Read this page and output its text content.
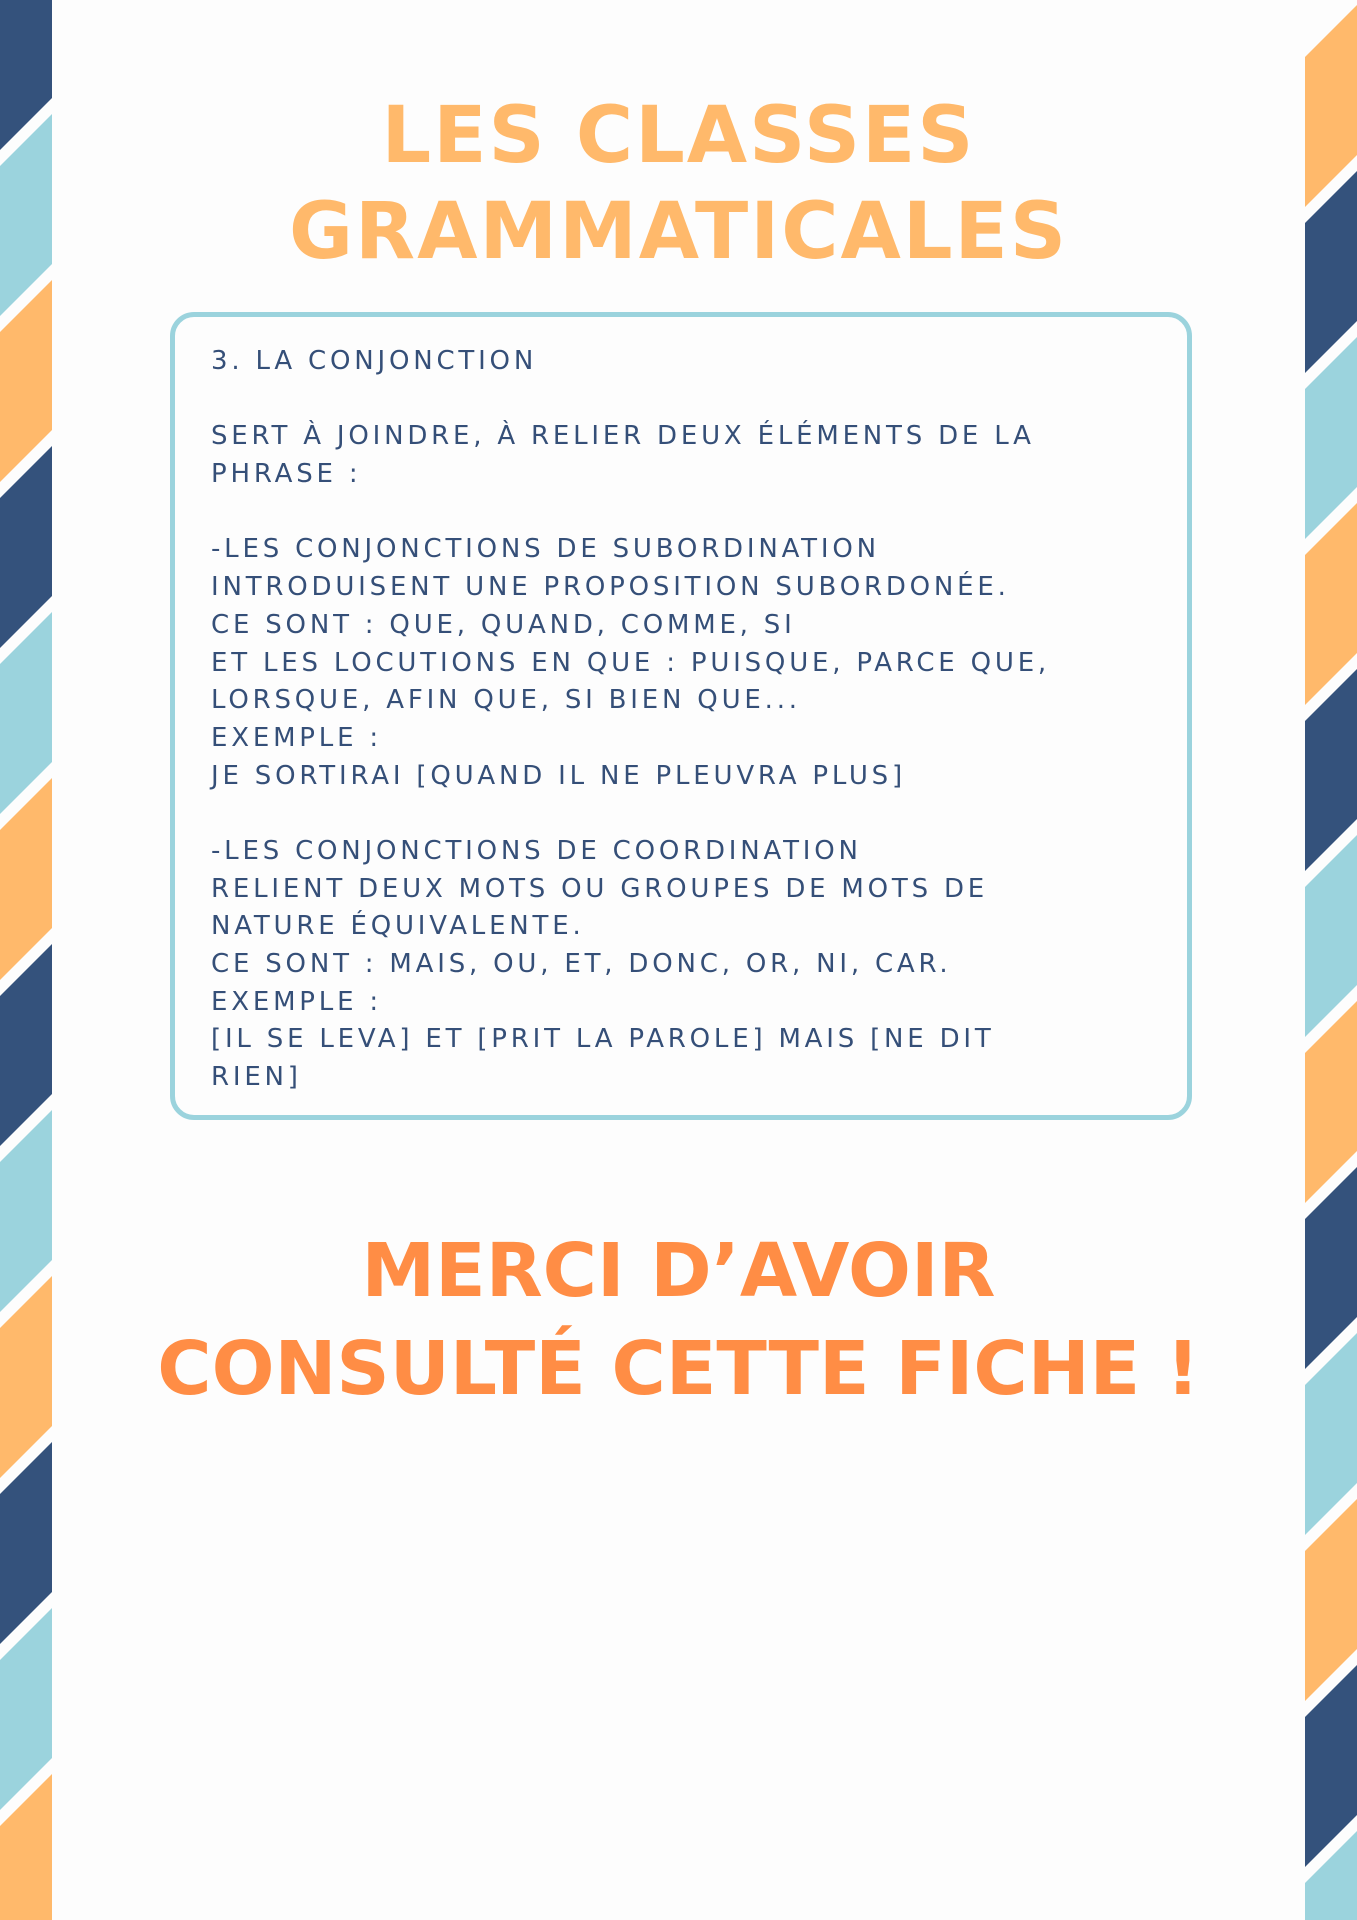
LES CLASSES
GRAMMATICALES
3. LA CONJONCTION
SERT À JOINDRE, À RELIER DEUX ÉLÉMENTS DE LA
PHRASE :
-LES CONJONCTIONS DE SUBORDINATION
INTRODUISENT UNE PROPOSITION SUBORDONÉE.
CE SONT : QUE, QUAND, COMME, SI
ET LES LOCUTIONS EN QUE : PUISQUE, PARCE QUE,
LORSQUE, AFIN QUE, SI BIEN QUE...
EXEMPLE :
JE SORTIRAI [QUAND IL NE PLEUVRA PLUS]
-LES CONJONCTIONS DE COORDINATION
RELIENT DEUX MOTS OU GROUPES DE MOTS DE
NATURE ÉQUIVALENTE.
CE SONT : MAIS, OU, ET, DONC, OR, NI, CAR.
EXEMPLE :
[IL SE LEVA] ET [PRIT LA PAROLE] MAIS [NE DIT
RIEN]
MERCI D’AVOIR
CONSULTÉ CETTE FICHE !
